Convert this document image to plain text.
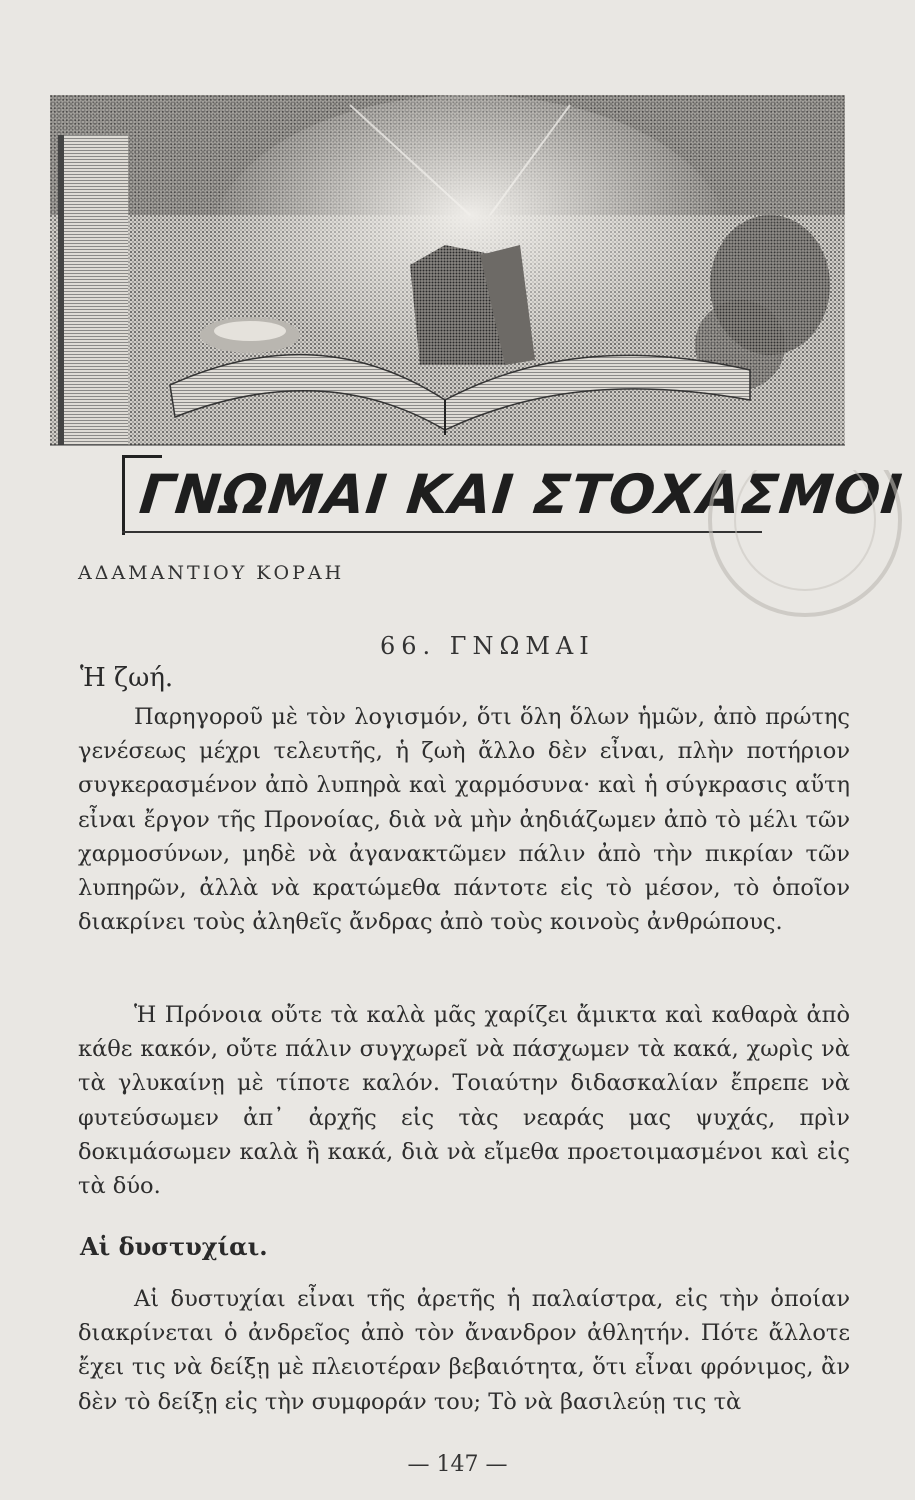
ΓΝΩΜΑΙ ΚΑΙ ΣΤΟΧΑΣΜΟΙ
ΑΔΑΜΑΝΤΙΟΥ ΚΟΡΑΗ
66. ΓΝΩΜΑΙ
Ἡ ζωή.

Παρηγοροῦ μὲ τὸν λογισμόν, ὅτι ὅλη ὅλων ἡμῶν, ἀπὸ πρώτης γενέσεως μέχρι τελευτῆς, ἡ ζωὴ ἄλλο δὲν εἶναι, πλὴν ποτήριον συγκερασμένον ἀπὸ λυπηρὰ καὶ χαρμόσυνα· καὶ ἡ σύγκρασις αὕτη εἶναι ἔργον τῆς Προνοίας, διὰ νὰ μὴν ἀηδιάζωμεν ἀπὸ τὸ μέλι τῶν χαρμοσύνων, μηδὲ νὰ ἀγανακτῶμεν πάλιν ἀπὸ τὴν πικρίαν τῶν λυπηρῶν, ἀλλὰ νὰ κρατώμεθα πάντοτε εἰς τὸ μέσον, τὸ ὁποῖον διακρίνει τοὺς ἀληθεῖς ἄνδρας ἀπὸ τοὺς κοινοὺς ἀνθρώπους.

Ἡ Πρόνοια οὔτε τὰ καλὰ μᾶς χαρίζει ἄμικτα καὶ καθαρὰ ἀπὸ κάθε κακόν, οὔτε πάλιν συγχωρεῖ νὰ πάσχωμεν τὰ κακά, χωρὶς νὰ τὰ γλυκαίνῃ μὲ τίποτε καλόν. Τοιαύτην διδασκαλίαν ἔπρεπε νὰ φυτεύσωμεν ἀπ᾽ ἀρχῆς εἰς τὰς νεαράς μας ψυχάς, πρὶν δοκιμάσωμεν καλὰ ἢ κακά, διὰ νὰ εἴμεθα προετοιμασμένοι καὶ εἰς τὰ δύο.

Αἱ δυστυχίαι.

Αἱ δυστυχίαι εἶναι τῆς ἀρετῆς ἡ παλαίστρα, εἰς τὴν ὁποίαν διακρίνεται ὁ ἀνδρεῖος ἀπὸ τὸν ἄνανδρον ἀθλητήν. Πότε ἄλλοτε ἔχει τις νὰ δείξῃ μὲ πλειοτέραν βεβαιότητα, ὅτι εἶναι φρόνιμος, ἂν δὲν τὸ δείξῃ εἰς τὴν συμφοράν του; Τὸ νὰ βασιλεύῃ τις τὰ

— 147 —
